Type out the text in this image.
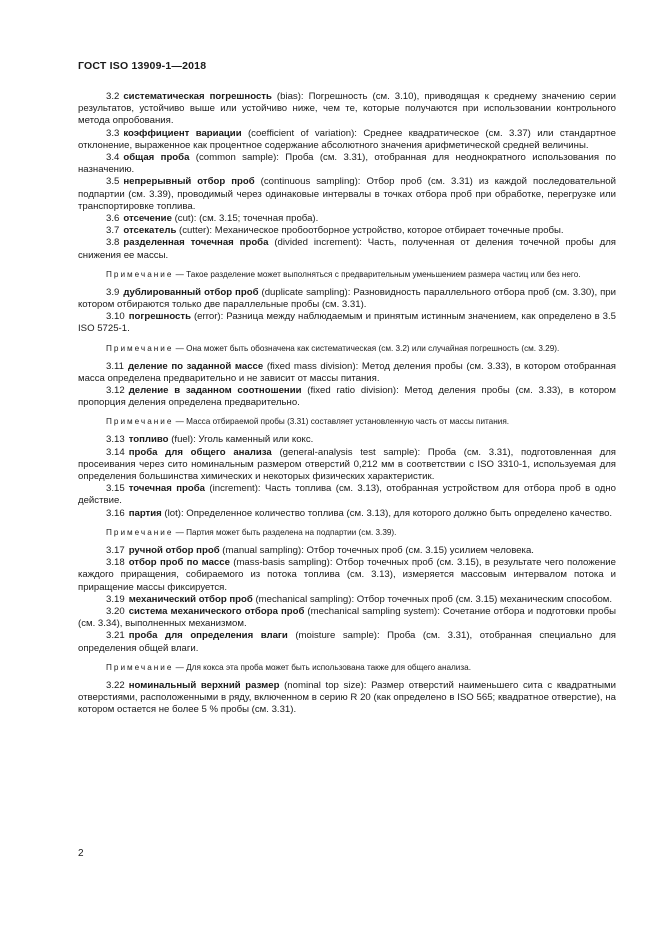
ГОСТ ISO 13909-1—2018

3.2 систематическая погрешность (bias): Погрешность (см. 3.10), приводящая к среднему значению серии результатов, устойчиво выше или устойчиво ниже, чем те, которые получаются при использовании контрольного метода опробования.

3.3 коэффициент вариации (coefficient of variation): Среднее квадратическое (см. 3.37) или стандартное отклонение, выраженное как процентное содержание абсолютного значения арифметической средней величины.

3.4 общая проба (common sample): Проба (см. 3.31), отобранная для неоднократного использования по назначению.

3.5 непрерывный отбор проб (continuous sampling): Отбор проб (см. 3.31) из каждой последовательной подпартии (см. 3.39), проводимый через одинаковые интервалы в точках отбора проб при обработке, перегрузке или транспортировке топлива.

3.6 отсечение (cut): (см. 3.15; точечная проба).

3.7 отсекатель (cutter): Механическое пробоотборное устройство, которое отбирает точечные пробы.

3.8 разделенная точечная проба (divided increment): Часть, полученная от деления точечной пробы для снижения ее массы.

Примечание — Такое разделение может выполняться с предварительным уменьшением размера частиц или без него.

3.9 дублированный отбор проб (duplicate sampling): Разновидность параллельного отбора проб (см. 3.30), при котором отбираются только две параллельные пробы (см. 3.31).

3.10 погрешность (error): Разница между наблюдаемым и принятым истинным значением, как определено в 3.5 ISO 5725-1.

Примечание — Она может быть обозначена как систематическая (см. 3.2) или случайная погрешность (см. 3.29).

3.11 деление по заданной массе (fixed mass division): Метод деления пробы (см. 3.33), в котором отобранная масса определена предварительно и не зависит от массы питания.

3.12 деление в заданном соотношении (fixed ratio division): Метод деления пробы (см. 3.33), в котором пропорция деления определена предварительно.

Примечание — Масса отбираемой пробы (3.31) составляет установленную часть от массы питания.

3.13 топливо (fuel): Уголь каменный или кокс.

3.14 проба для общего анализа (general-analysis test sample): Проба (см. 3.31), подготовленная для просеивания через сито номинальным размером отверстий 0,212 мм в соответствии с ISO 3310-1, используемая для определения большинства химических и некоторых физических характеристик.

3.15 точечная проба (increment): Часть топлива (см. 3.13), отобранная устройством для отбора проб в одно действие.

3.16 партия (lot): Определенное количество топлива (см. 3.13), для которого должно быть определено качество.

Примечание — Партия может быть разделена на подпартии (см. 3.39).

3.17 ручной отбор проб (manual sampling): Отбор точечных проб (см. 3.15) усилием человека.

3.18 отбор проб по массе (mass-basis sampling): Отбор точечных проб (см. 3.15), в результате чего положение каждого приращения, собираемого из потока топлива (см. 3.13), измеряется массовым интервалом потока и приращение массы фиксируется.

3.19 механический отбор проб (mechanical sampling): Отбор точечных проб (см. 3.15) механическим способом.

3.20 система механического отбора проб (mechanical sampling system): Сочетание отбора и подготовки пробы (см. 3.34), выполненных механизмом.

3.21 проба для определения влаги (moisture sample): Проба (см. 3.31), отобранная специально для определения общей влаги.

Примечание — Для кокса эта проба может быть использована также для общего анализа.

3.22 номинальный верхний размер (nominal top size): Размер отверстий наименьшего сита с квадратными отверстиями, расположенными в ряду, включенном в серию R 20 (как определено в ISO 565; квадратное отверстие), на котором остается не более 5 % пробы (см. 3.31).

2
